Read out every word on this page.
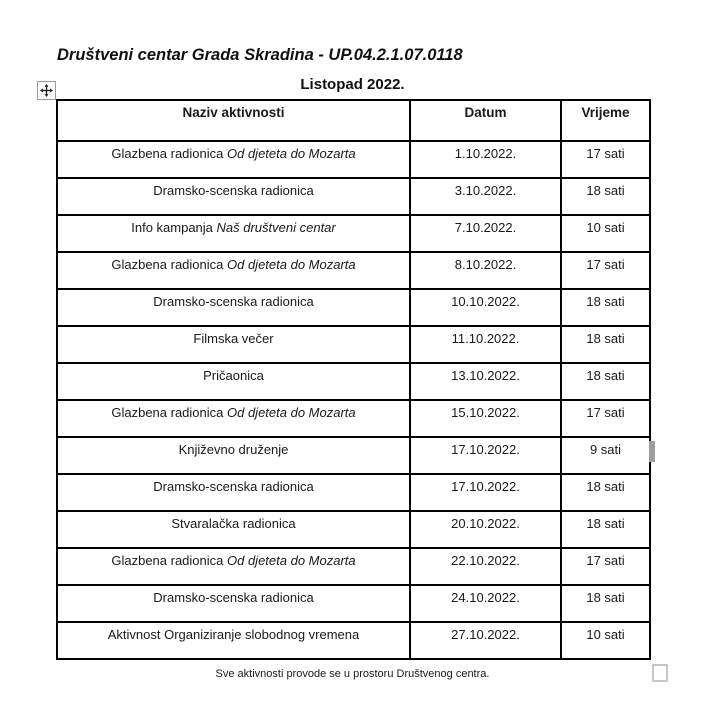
Društveni centar Grada Skradina - UP.04.2.1.07.0118
Listopad 2022.
Naziv aktivnosti	Datum	Vrijeme
Glazbena radionica Od djeteta do Mozarta	1.10.2022.	17 sati
Dramsko-scenska radionica	3.10.2022.	18 sati
Info kampanja Naš društveni centar	7.10.2022.	10 sati
Glazbena radionica Od djeteta do Mozarta	8.10.2022.	17 sati
Dramsko-scenska radionica	10.10.2022.	18 sati
Filmska večer	11.10.2022.	18 sati
Pričaonica	13.10.2022.	18 sati
Glazbena radionica Od djeteta do Mozarta	15.10.2022.	17 sati
Književno druženje	17.10.2022.	9 sati
Dramsko-scenska radionica	17.10.2022.	18 sati
Stvaralačka radionica	20.10.2022.	18 sati
Glazbena radionica Od djeteta do Mozarta	22.10.2022.	17 sati
Dramsko-scenska radionica	24.10.2022.	18 sati
Aktivnost Organiziranje slobodnog vremena	27.10.2022.	10 sati
Sve aktivnosti provode se u prostoru Društvenog centra.
